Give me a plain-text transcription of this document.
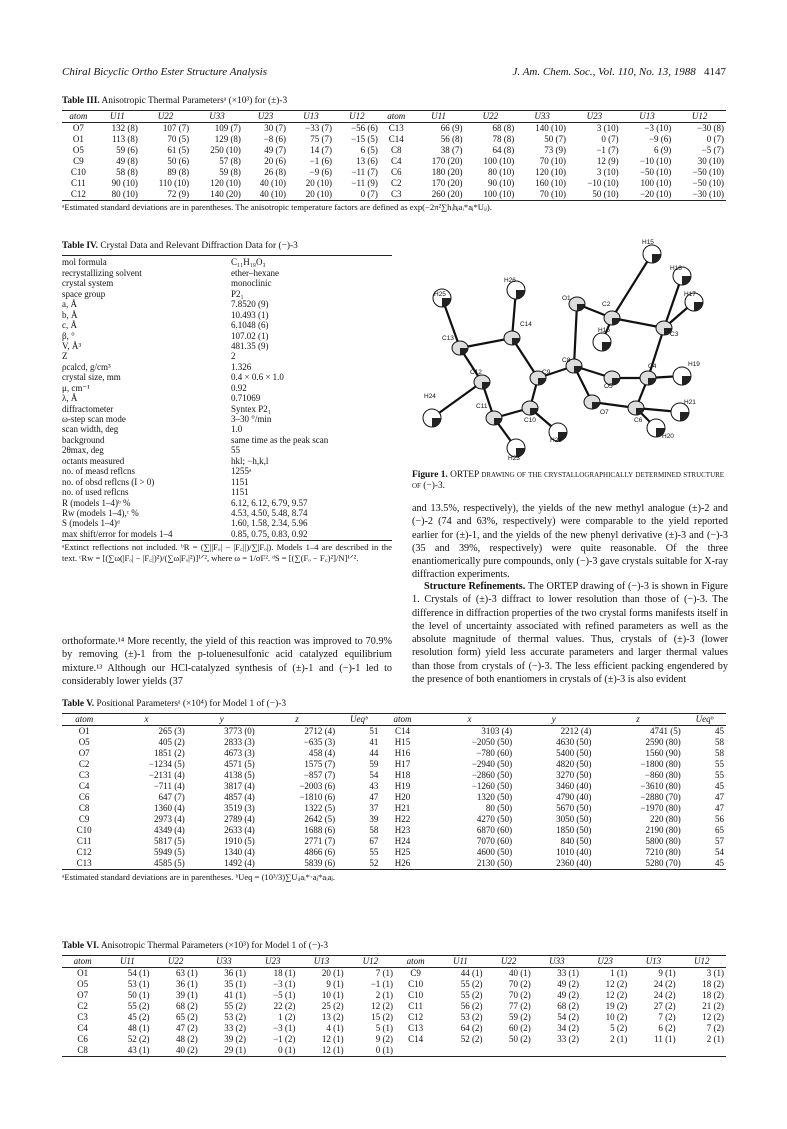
Chiral Bicyclic Ortho Ester Structure Analysis	J. Am. Chem. Soc., Vol. 110, No. 13, 1988 4147
Table III. Anisotropic Thermal Parametersᵃ (×10³) for (±)-3
atom	U11	U22	U33	U23	U13	U12	atom	U11	U22	U33	U23	U13	U12
O7	132 (8)	107 (7)	109 (7)	30 (7)	−33 (7)	−56 (6)	C13	66 (9)	68 (8)	140 (10)	3 (10)	−3 (10)	−30 (8)
O1	113 (8)	70 (5)	129 (8)	−8 (6)	75 (7)	−15 (5)	C14	56 (8)	78 (8)	50 (7)	0 (7)	−9 (6)	0 (7)
O5	59 (6)	61 (5)	250 (10)	49 (7)	14 (7)	6 (5)	C8	38 (7)	64 (8)	73 (9)	−1 (7)	6 (9)	−5 (7)
C9	49 (8)	50 (6)	57 (8)	20 (6)	−1 (6)	13 (6)	C4	170 (20)	100 (10)	70 (10)	12 (9)	−10 (10)	30 (10)
C10	58 (8)	89 (8)	59 (8)	26 (8)	−9 (6)	−11 (7)	C6	180 (20)	80 (10)	120 (10)	3 (10)	−50 (10)	−50 (10)
C11	90 (10)	110 (10)	120 (10)	40 (10)	20 (10)	−11 (9)	C2	170 (20)	90 (10)	160 (10)	−10 (10)	100 (10)	−50 (10)
C12	80 (10)	72 (9)	140 (20)	40 (10)	20 (10)	0 (7)	C3	260 (20)	100 (10)	70 (10)	50 (10)	−20 (10)	−30 (10)
ᵃEstimated standard deviations are in parentheses. The anisotropic temperature factors are defined as exp(−2π²∑hᵢhⱼaᵢ*aⱼ*Uᵢⱼ).
Table IV. Crystal Data and Relevant Diffraction Data for (−)-3
mol formula	C₁₁H₁₈O₃
recrystallizing solvent	ether–hexane
crystal system	monoclinic
space group	P2₁
a, Å	7.8520 (9)
b, Å	10.493 (1)
c, Å	6.1048 (6)
β, °	107.02 (1)
V, Å³	481.35 (9)
Z	2
ρcalcd, g/cm³	1.326
crystal size, mm	0.4 × 0.6 × 1.0
μ, cm⁻¹	0.92
λ, Å	0.71069
diffractometer	Syntex P2₁
ω-step scan mode	3–30 °/min
scan width, deg	1.0
background	same time as the peak scan
2θmax, deg	55
octants measured	hkl; −h,k,l
no. of measd reflcns	1255ᵃ
no. of obsd reflcns (I > 0)	1151
no. of used reflcns	1151
R (models 1–4)ᵇ %	6.12, 6.12, 6.79, 9.57
Rw (models 1–4),ᶜ %	4.53, 4.50, 5.48, 8.74
S (models 1–4)ᵈ	1.60, 1.58, 2.34, 5.96
max shift/error for models 1–4	0.85, 0.75, 0.83, 0.92
ᵃExtinct reflections not included. ᵇR = (∑||Fₒ| − |F꜀||)/∑|Fₒ|). Models 1–4 are described in the text. ᶜRw = [(∑ω(|Fₒ| − |F꜀|)²)/(∑ω|Fₒ|²)]¹ᐟ², where ω = 1/σF². ᵈS = [(∑(Fₒ − F꜀)²]/N]¹ᐟ².
orthoformate.¹⁴ More recently, the yield of this reaction was improved to 70.9% by removing (±)-1 from the p-toluenesulfonic acid catalyzed equilibrium mixture.¹³ Although our HCl-catalyzed synthesis of (±)-1 and (−)-1 led to considerably lower yields (37
H15
H18
H17
H25
H26
O1
C2
H16
C3
C14
C8
H19
C13
C12	C9
O5
C4
H24
C11
C10
O7
C6
H21
H22
H20
H23
Figure 1. ORTEP drawing of the crystallographically determined structure of (−)-3.
and 13.5%, respectively), the yields of the new methyl analogue (±)-2 and (−)-2 (74 and 63%, respectively) were comparable to the yield reported earlier for (±)-1, and the yields of the new phenyl derivative (±)-3 and (−)-3 (35 and 39%, respectively) were quite reasonable. Of the three enantiomerically pure compounds, only (−)-3 gave crystals suitable for X-ray diffraction experiments.
Structure Refinements. The ORTEP drawing of (−)-3 is shown in Figure 1. Crystals of (±)-3 diffract to lower resolution than those of (−)-3. The difference in diffraction properties of the two crystal forms manifests itself in the level of uncertainty associated with refined parameters as well as the absolute magnitude of thermal values. Thus, crystals of (±)-3 (lower resolution form) yield less accurate parameters and larger thermal values than those from crystals of (−)-3. The less efficient packing engendered by the presence of both enantiomers in crystals of (±)-3 is also evident
Table V. Positional Parametersᵃ (×10⁴) for Model 1 of (−)-3
atom	x	y	z	Ueqᵇ	atom	x	y	z	Ueqᵇ
O1	265 (3)	3773 (0)	2712 (4)	51	C14	3103 (4)	2212 (4)	4741 (5)	45
O5	405 (2)	2833 (3)	−635 (3)	41	H15	−2050 (50)	4630 (50)	2590 (80)	58
O7	1851 (2)	4673 (3)	458 (4)	44	H16	−780 (60)	5400 (50)	1560 (90)	58
C2	−1234 (5)	4571 (5)	1575 (7)	59	H17	−2940 (50)	4820 (50)	−1800 (80)	55
C3	−2131 (4)	4138 (5)	−857 (7)	54	H18	−2860 (50)	3270 (50)	−860 (80)	55
C4	−711 (4)	3817 (4)	−2003 (6)	43	H19	−1260 (50)	3460 (40)	−3610 (80)	45
C6	647 (7)	4857 (4)	−1810 (6)	47	H20	1320 (50)	4790 (40)	−2880 (70)	47
C8	1360 (4)	3519 (3)	1322 (5)	37	H21	80 (50)	5670 (50)	−1970 (80)	47
C9	2973 (4)	2789 (4)	2642 (5)	39	H22	4270 (50)	3050 (50)	220 (80)	56
C10	4349 (4)	2633 (4)	1688 (6)	58	H23	6870 (60)	1850 (50)	2190 (80)	65
C11	5817 (5)	1910 (5)	2771 (7)	67	H24	7070 (60)	840 (50)	5800 (80)	57
C12	5949 (5)	1340 (4)	4866 (6)	55	H25	4600 (50)	1010 (40)	7210 (80)	54
C13	4585 (5)	1492 (4)	5839 (6)	52	H26	2130 (50)	2360 (40)	5280 (70)	45
ᵃEstimated standard deviations are in parentheses. ᵇUeq = (10³/3)∑Uᵢⱼaᵢ*·aⱼ*aᵢaⱼ.
Table VI. Anisotropic Thermal Parameters (×10³) for Model 1 of (−)-3
atom	U11	U22	U33	U23	U13	U12	atom	U11	U22	U33	U23	U13	U12
O1	54 (1)	63 (1)	36 (1)	18 (1)	20 (1)	7 (1)	C9	44 (1)	40 (1)	33 (1)	1 (1)	9 (1)	3 (1)
O5	53 (1)	36 (1)	35 (1)	−3 (1)	9 (1)	−1 (1)	C10	55 (2)	70 (2)	49 (2)	12 (2)	24 (2)	18 (2)
O7	50 (1)	39 (1)	41 (1)	−5 (1)	10 (1)	2 (1)	C10	55 (2)	70 (2)	49 (2)	12 (2)	24 (2)	18 (2)
C2	55 (2)	68 (2)	55 (2)	22 (2)	25 (2)	12 (2)	C11	56 (2)	77 (2)	68 (2)	19 (2)	27 (2)	21 (2)
C3	45 (2)	65 (2)	53 (2)	1 (2)	13 (2)	15 (2)	C12	53 (2)	59 (2)	54 (2)	10 (2)	7 (2)	12 (2)
C4	48 (1)	47 (2)	33 (2)	−3 (1)	4 (1)	5 (1)	C13	64 (2)	60 (2)	34 (2)	5 (2)	6 (2)	7 (2)
C6	52 (2)	48 (2)	39 (2)	−1 (2)	12 (1)	9 (2)	C14	52 (2)	50 (2)	33 (2)	2 (1)	11 (1)	2 (1)
C8	43 (1)	40 (2)	29 (1)	0 (1)	12 (1)	0 (1)							
